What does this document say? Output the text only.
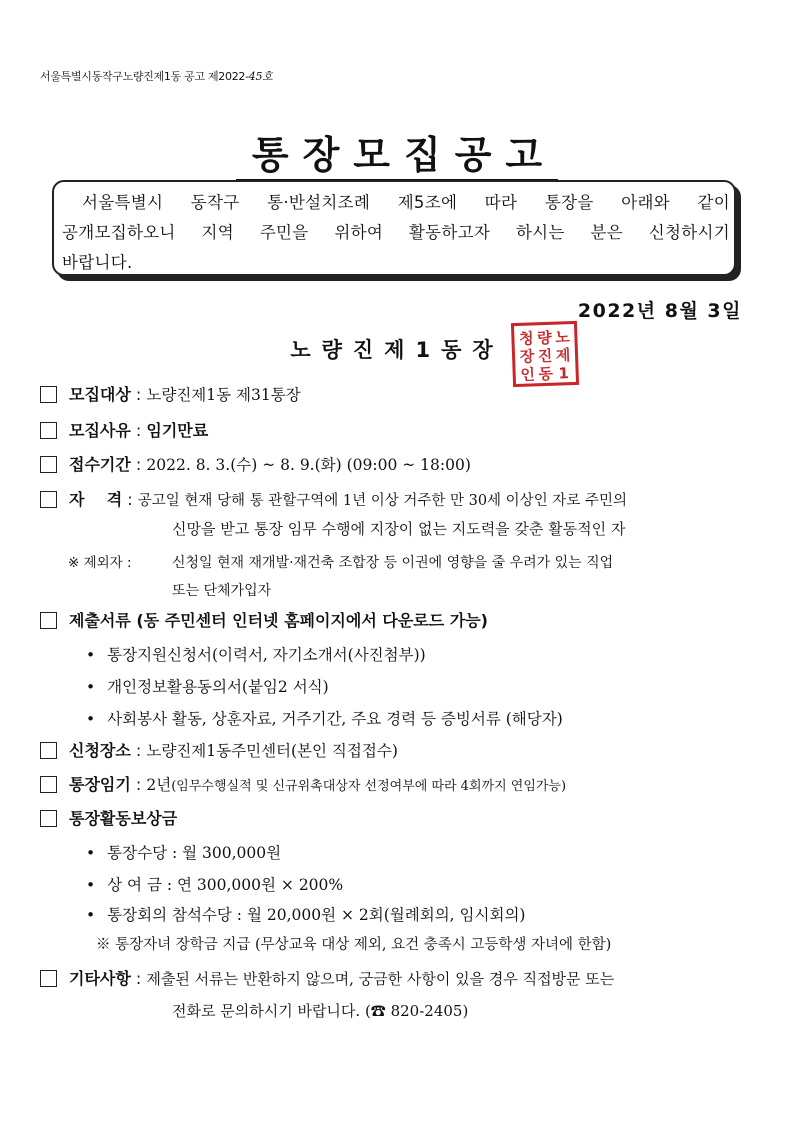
서울특별시동작구노량진제1동 공고 제2022-45호
통장모집공고
서울특별시 동작구 통·반설치조례 제5조에 따라 통장을 아래와 같이
공개모집하오니 지역 주민을 위하여 활동하고자 하시는 분은 신청하시기
바랍니다.
2022년 8월 3일
노량진제1동장	청 량 노
장 진 제
인 동 1
모집대상 : 노량진제1동 제31통장
모집사유 : 임기만료
접수기간 : 2022. 8. 3.(수) ~ 8. 9.(화) (09:00 ~ 18:00)
자    격 : 공고일 현재 당해 통 관할구역에 1년 이상 거주한 만 30세 이상인 자로 주민의
신망을 받고 통장 임무 수행에 지장이 없는 지도력을 갖춘 활동적인 자
※ 제외자 :	신청일 현재 재개발·재건축 조합장 등 이권에 영향을 줄 우려가 있는 직업
또는 단체가입자
제출서류 (동 주민센터 인터넷 홈페이지에서 다운로드 가능)
• 통장지원신청서(이력서, 자기소개서(사진첨부))
• 개인정보활용동의서(붙임2 서식)
• 사회봉사 활동, 상훈자료, 거주기간, 주요 경력 등 증빙서류 (해당자)
신청장소 : 노량진제1동주민센터(본인 직접접수)
통장임기 : 2년(임무수행실적 및 신규위촉대상자 선정여부에 따라 4회까지 연임가능)
통장활동보상금
• 통장수당 : 월 300,000원
• 상 여 금 : 연 300,000원 × 200%
• 통장회의 참석수당 : 월 20,000원 × 2회(월례회의, 임시회의)
※ 통장자녀 장학금 지급 (무상교육 대상 제외, 요건 충족시 고등학생 자녀에 한함)
기타사항 : 제출된 서류는 반환하지 않으며, 궁금한 사항이 있을 경우 직접방문 또는
전화로 문의하시기 바랍니다. (☎ 820-2405)
